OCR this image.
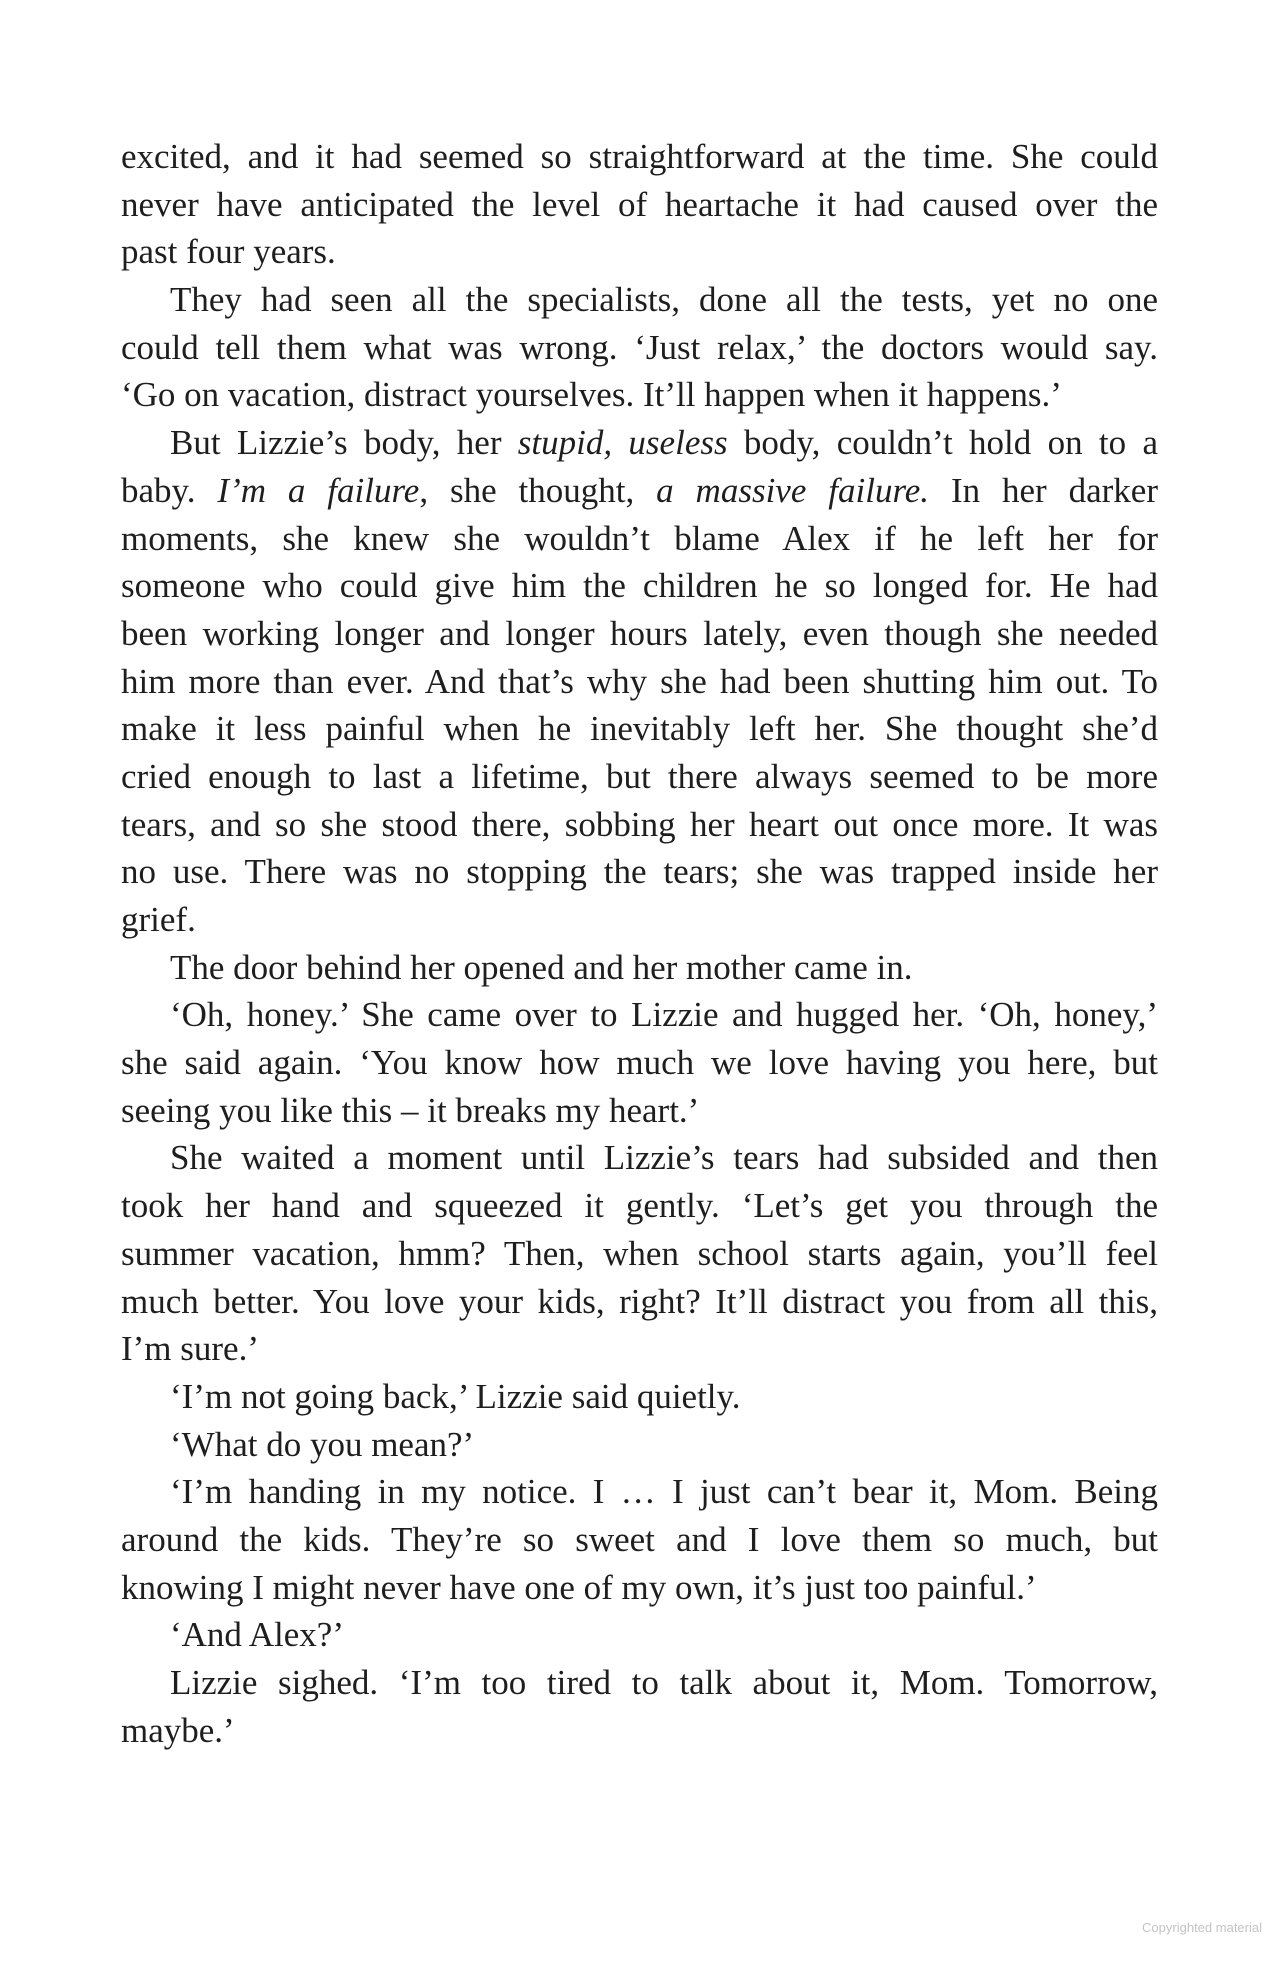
excited, and it had seemed so straightforward at the time. She could
never have anticipated the level of heartache it had caused over the
past four years.
They had seen all the specialists, done all the tests, yet no one
could tell them what was wrong. ‘Just relax,’ the doctors would say.
‘Go on vacation, distract yourselves. It’ll happen when it happens.’
But Lizzie’s body, her stupid, useless body, couldn’t hold on to a
baby. I’m a failure, she thought, a massive failure. In her darker
moments, she knew she wouldn’t blame Alex if he left her for
someone who could give him the children he so longed for. He had
been working longer and longer hours lately, even though she needed
him more than ever. And that’s why she had been shutting him out. To
make it less painful when he inevitably left her. She thought she’d
cried enough to last a lifetime, but there always seemed to be more
tears, and so she stood there, sobbing her heart out once more. It was
no use. There was no stopping the tears; she was trapped inside her
grief.
The door behind her opened and her mother came in.
‘Oh, honey.’ She came over to Lizzie and hugged her. ‘Oh, honey,’
she said again. ‘You know how much we love having you here, but
seeing you like this – it breaks my heart.’
She waited a moment until Lizzie’s tears had subsided and then
took her hand and squeezed it gently. ‘Let’s get you through the
summer vacation, hmm? Then, when school starts again, you’ll feel
much better. You love your kids, right? It’ll distract you from all this,
I’m sure.’
‘I’m not going back,’ Lizzie said quietly.
‘What do you mean?’
‘I’m handing in my notice. I … I just can’t bear it, Mom. Being
around the kids. They’re so sweet and I love them so much, but
knowing I might never have one of my own, it’s just too painful.’
‘And Alex?’
Lizzie sighed. ‘I’m too tired to talk about it, Mom. Tomorrow,
maybe.’
Copyrighted material
